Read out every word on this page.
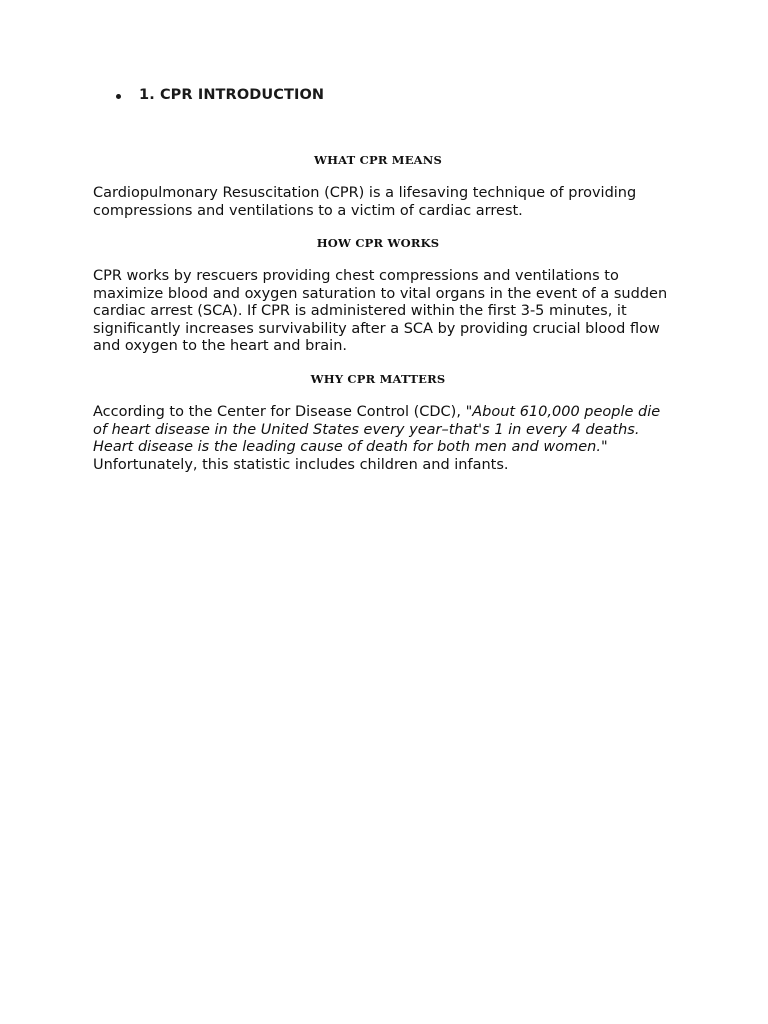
1. CPR INTRODUCTION
WHAT CPR MEANS
Cardiopulmonary Resuscitation (CPR) is a lifesaving technique of providing compressions and ventilations to a victim of cardiac arrest.
HOW CPR WORKS
CPR works by rescuers providing chest compressions and ventilations to maximize blood and oxygen saturation to vital organs in the event of a sudden cardiac arrest (SCA). If CPR is administered within the first 3-5 minutes, it significantly increases survivability after a SCA by providing crucial blood flow and oxygen to the heart and brain.
WHY CPR MATTERS
According to the Center for Disease Control (CDC), "About 610,000 people die of heart disease in the United States every year–that's 1 in every 4 deaths. Heart disease is the leading cause of death for both men and women." Unfortunately, this statistic includes children and infants.
